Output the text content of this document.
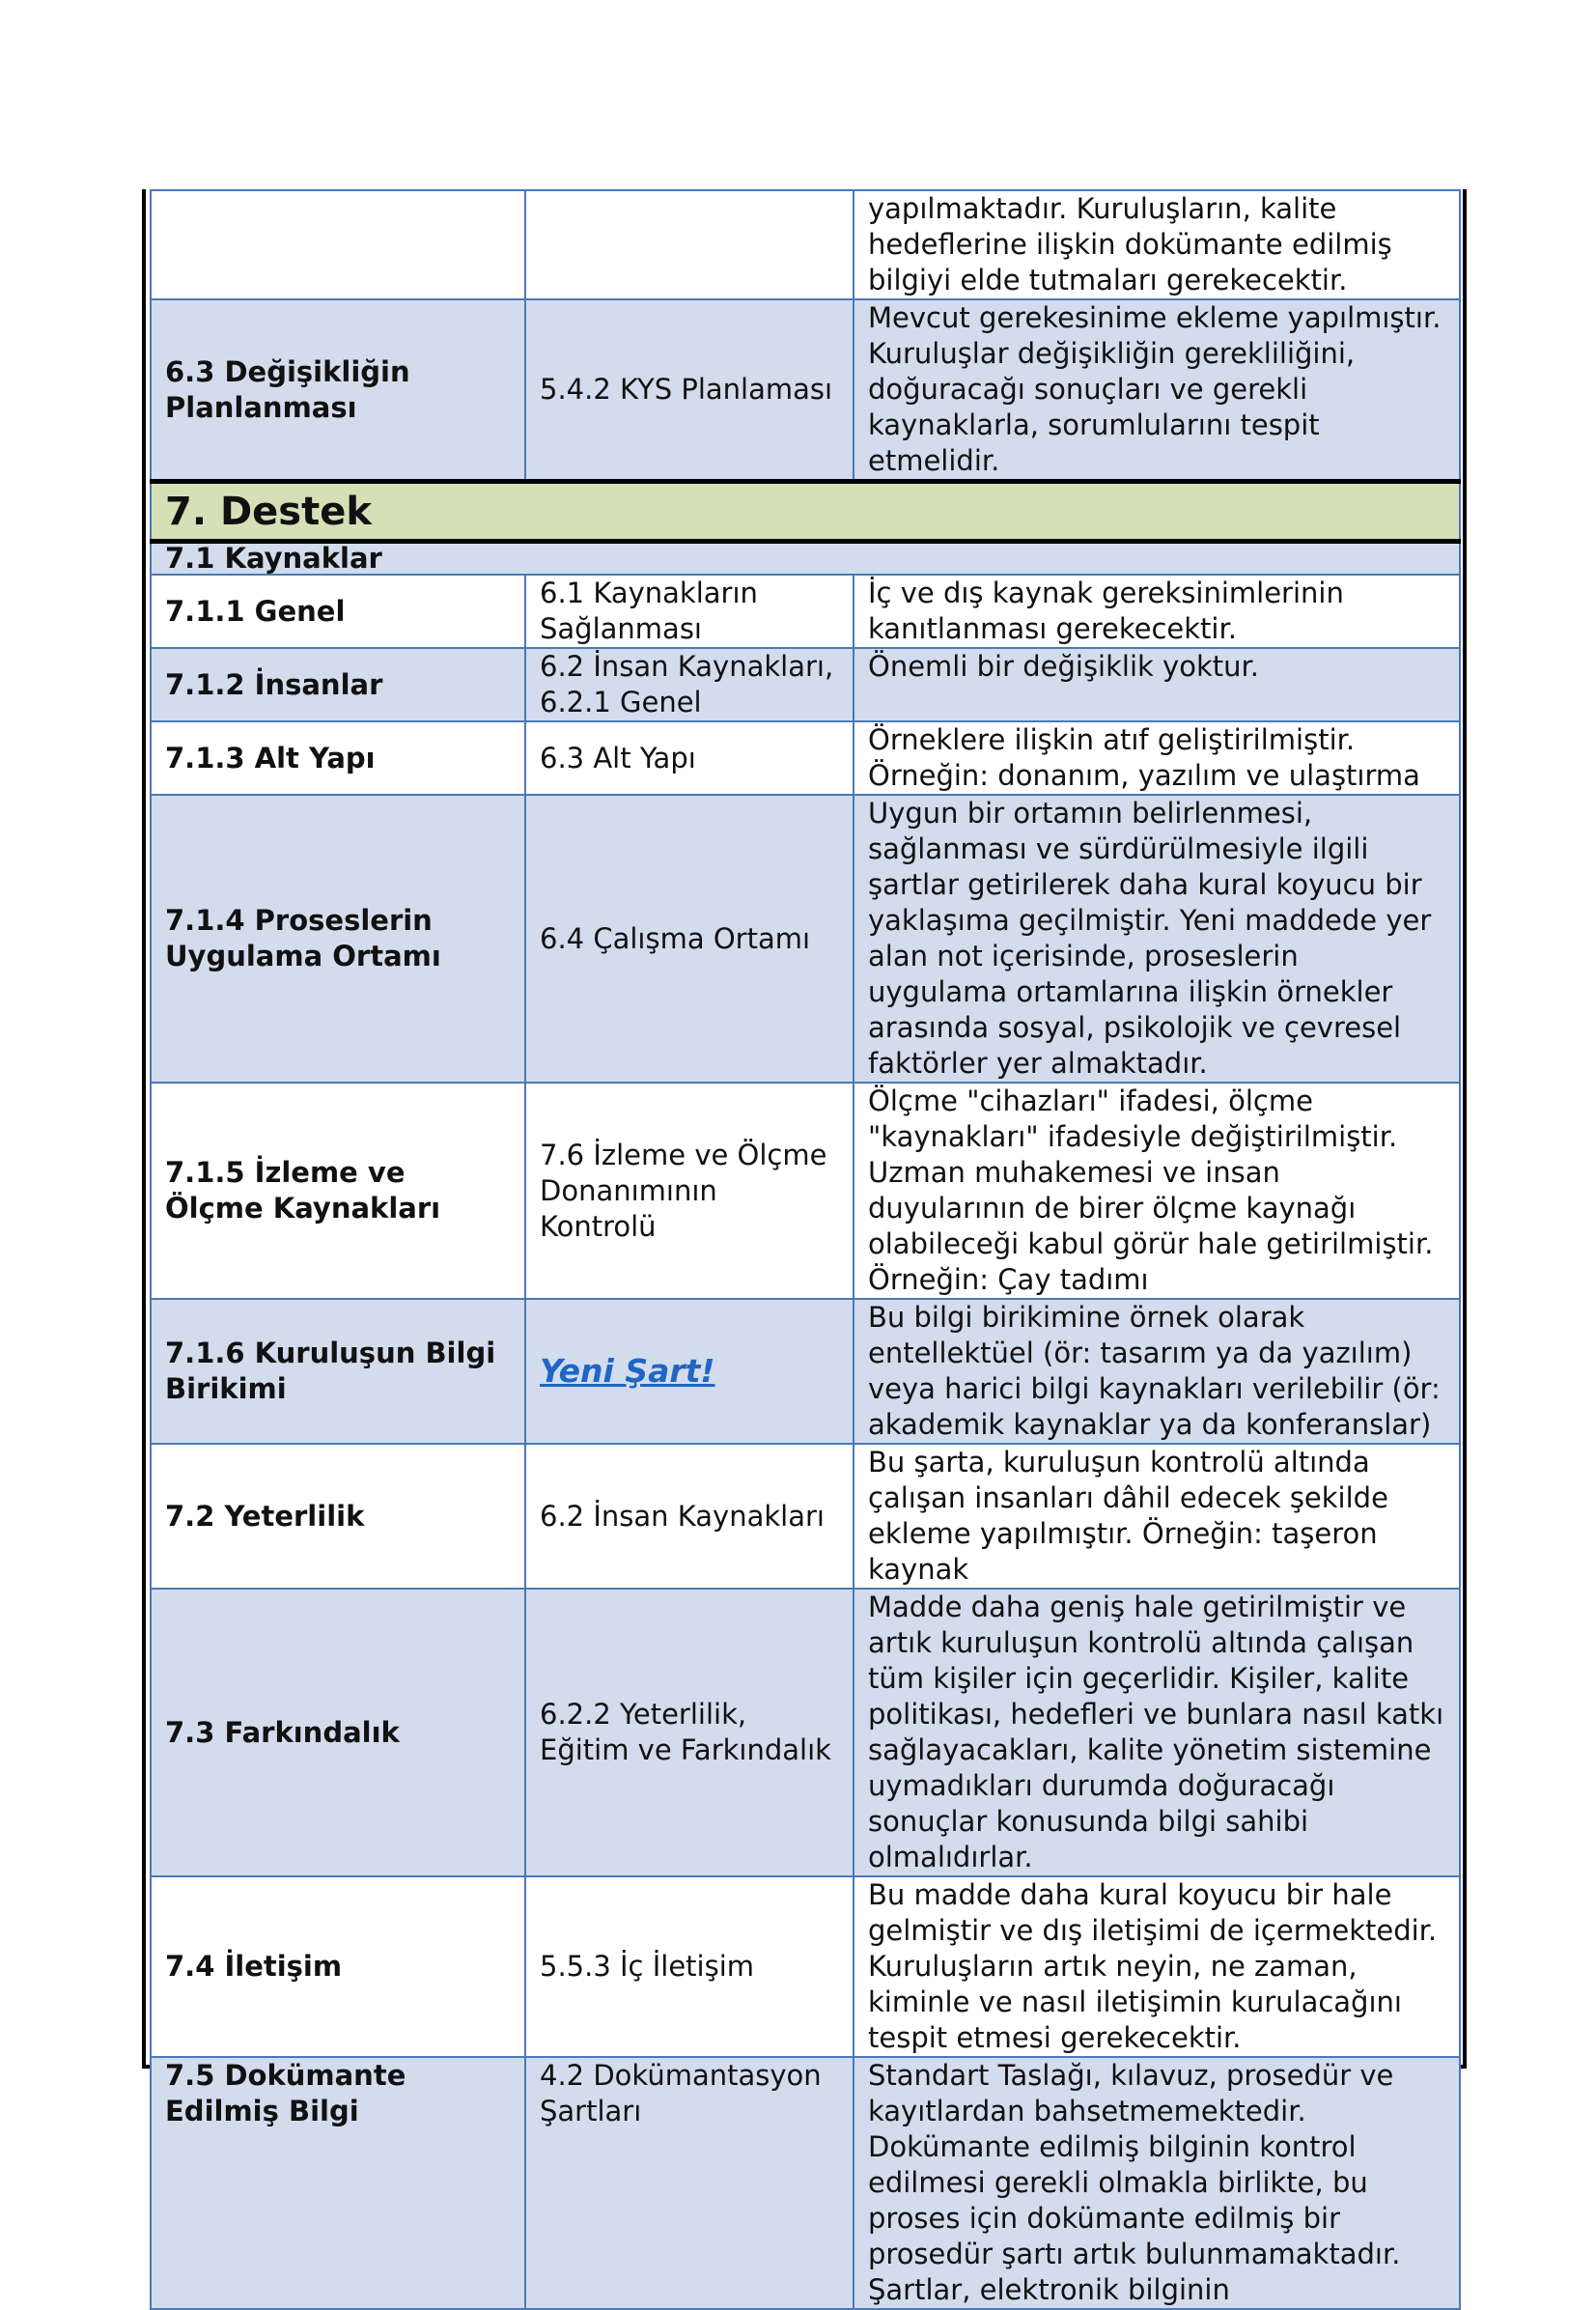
		yapılmaktadır. Kuruluşların, kalite hedeflerine ilişkin dokümante edilmiş bilgiyi elde tutmaları gerekecektir.
6.3 Değişikliğin Planlanması	5.4.2 KYS Planlaması	Mevcut gerekesinime ekleme yapılmıştır. Kuruluşlar değişikliğin gerekliliğini, doğuracağı sonuçları ve gerekli kaynaklarla, sorumlularını tespit etmelidir.
7. Destek		
7.1 Kaynaklar		
7.1.1 Genel	6.1 Kaynakların Sağlanması	İç ve dış kaynak gereksinimlerinin kanıtlanması gerekecektir.
7.1.2 İnsanlar	6.2 İnsan Kaynakları, 6.2.1 Genel	Önemli bir değişiklik yoktur.
7.1.3 Alt Yapı	6.3 Alt Yapı	Örneklere ilişkin atıf geliştirilmiştir. Örneğin: donanım, yazılım ve ulaştırma
7.1.4 Proseslerin Uygulama Ortamı	6.4 Çalışma Ortamı	Uygun bir ortamın belirlenmesi, sağlanması ve sürdürülmesiyle ilgili şartlar getirilerek daha kural koyucu bir yaklaşıma geçilmiştir. Yeni maddede yer alan not içerisinde, proseslerin uygulama ortamlarına ilişkin örnekler arasında sosyal, psikolojik ve çevresel faktörler yer almaktadır.
7.1.5 İzleme ve Ölçme Kaynakları	7.6 İzleme ve Ölçme Donanımının Kontrolü	Ölçme "cihazları" ifadesi, ölçme "kaynakları" ifadesiyle değiştirilmiştir. Uzman muhakemesi ve insan duyularının de birer ölçme kaynağı olabileceği kabul görür hale getirilmiştir. Örneğin: Çay tadımı
7.1.6 Kuruluşun Bilgi Birikimi	Yeni Şart!	Bu bilgi birikimine örnek olarak entellektüel (ör: tasarım ya da yazılım) veya harici bilgi kaynakları verilebilir (ör: akademik kaynaklar ya da konferanslar)
7.2 Yeterlilik	6.2 İnsan Kaynakları	Bu şarta, kuruluşun kontrolü altında çalışan insanları dâhil edecek şekilde ekleme yapılmıştır. Örneğin: taşeron kaynak
7.3 Farkındalık	6.2.2 Yeterlilik, Eğitim ve Farkındalık	Madde daha geniş hale getirilmiştir ve artık kuruluşun kontrolü altında çalışan tüm kişiler için geçerlidir. Kişiler, kalite politikası, hedefleri ve bunlara nasıl katkı sağlayacakları, kalite yönetim sistemine uymadıkları durumda doğuracağı sonuçlar konusunda bilgi sahibi olmalıdırlar.
7.4 İletişim	5.5.3 İç İletişim	Bu madde daha kural koyucu bir hale gelmiştir ve dış iletişimi de içermektedir. Kuruluşların artık neyin, ne zaman, kiminle ve nasıl iletişimin kurulacağını tespit etmesi gerekecektir.
7.5 Dokümante Edilmiş Bilgi	4.2 Dokümantasyon Şartları	Standart Taslağı, kılavuz, prosedür ve kayıtlardan bahsetmemektedir. Dokümante edilmiş bilginin kontrol edilmesi gerekli olmakla birlikte, bu proses için dokümante edilmiş bir prosedür şartı artık bulunmamaktadır. Şartlar, elektronik bilginin
